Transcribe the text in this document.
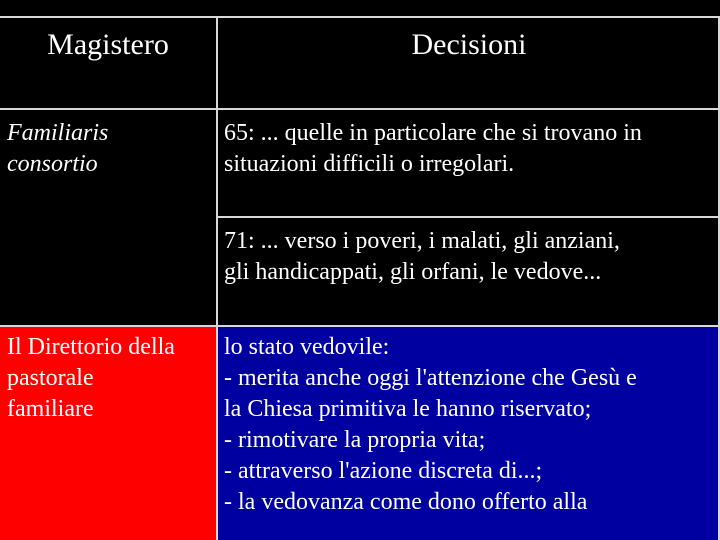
Magistero	Decisioni
Familiaris
consortio
65: ... quelle in particolare che si trovano in
situazioni difficili o irregolari.
71: ... verso i poveri, i malati, gli anziani,
gli handicappati, gli orfani, le vedove...
Il Direttorio della
pastorale
familiare
lo stato vedovile:
- merita anche oggi l'attenzione che Gesù e
la Chiesa primitiva le hanno riservato;
- rimotivare la propria vita;
- attraverso l'azione discreta di...;
- la vedovanza come dono offerto alla
